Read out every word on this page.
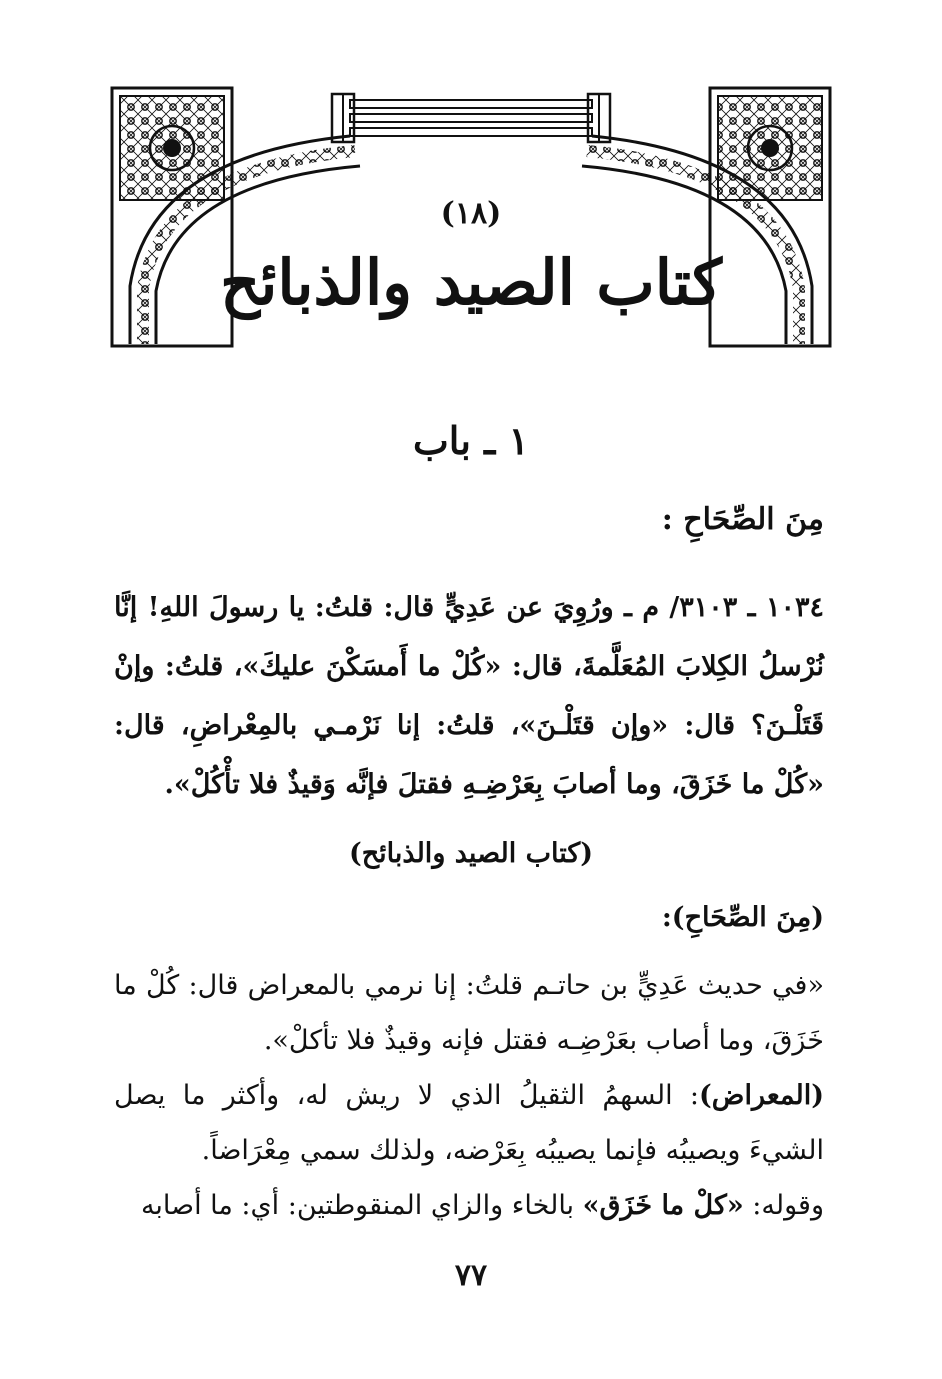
(١٨)
كتاب الصيد والذبائح
١ ـ باب
مِنَ الصِّحَاحِ :
١٠٣٤ ـ ٣١٠٣/ م ـ ورُوِيَ عن عَدِيٍّ قال: قلتُ: يا رسولَ اللهِ! إنَّا نُرْسلُ الكِلابَ المُعَلَّمةَ، قال: «كُلْ ما أَمسَكْنَ عليكَ»، قلتُ: وإنْ قَتَلْـنَ؟ قال: «وإن قتَلْـنَ»، قلتُ: إنا نَرْمـي بالمِعْراضِ، قال: «كُلْ ما خَزَقَ، وما أصابَ بِعَرْضِـهِ فقتلَ فإنَّه وَقيذٌ فلا تأْكُلْ».
(كتاب الصيد والذبائح)
(مِنَ الصِّحَاحِ):

«في حديث عَدِيٍّ بن حاتـم قلتُ: إنا نرمي بالمعراض قال: كُلْ ما خَزَقَ، وما أصاب بعَرْضِـه فقتل فإنه وقيذٌ فلا تأكلْ».

(المعراض): السهمُ الثقيلُ الذي لا ريش له، وأكثر ما يصل الشيءَ ويصيبُه فإنما يصيبُه بِعَرْضه، ولذلك سمي مِعْرَاضاً.

وقوله: «كلْ ما خَزَق» بالخاء والزاي المنقوطتين: أي: ما أصابه

٧٧
